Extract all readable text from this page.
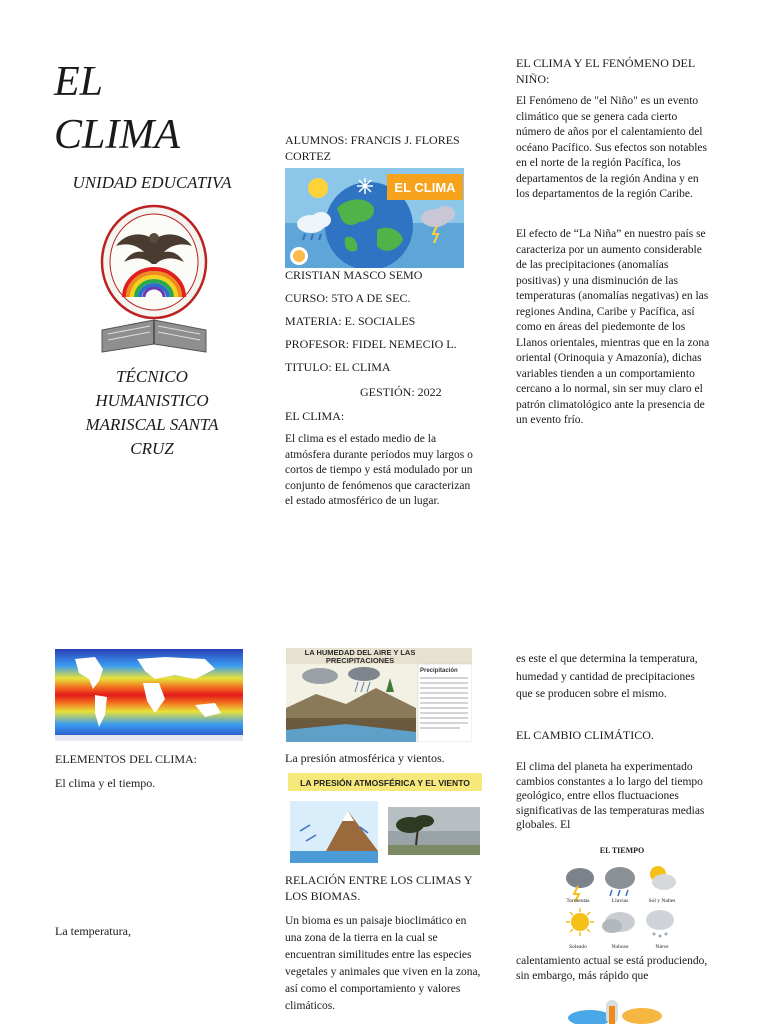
EL
CLIMA
UNIDAD EDUCATIVA
TÉCNICO
HUMANISTICO
MARISCAL SANTA
CRUZ
ALUMNOS: FRANCIS J. FLORES CORTEZ
EL CLIMA
CRISTIAN MASCO SEMO
CURSO: 5TO A DE SEC.
MATERIA: E. SOCIALES
PROFESOR: FIDEL NEMECIO L.
TITULO: EL CLIMA
GESTIÓN: 2022
EL CLIMA:

El clima es el estado medio de la atmósfera durante períodos muy largos o cortos de tiempo y está modulado por un conjunto de fenómenos que caracterizan el estado atmosférico de un lugar.

EL CLIMA Y EL FENÓMENO DEL NIÑO:

El Fenómeno de "el Niño" es un evento climático que se genera cada cierto número de años por el calentamiento del océano Pacífico. Sus efectos son notables en el norte de la región Pacífica, los departamentos de la región Andina y en los departamentos de la región Caribe.

El efecto de “La Niña” en nuestro país se caracteriza por un aumento considerable de las precipitaciones (anomalías positivas) y una disminución de las temperaturas (anomalías negativas) en las regiones Andina, Caribe y Pacífica, así como en áreas del piedemonte de los Llanos orientales, mientras que en la zona oriental (Orinoquia y Amazonía), dichas variables tienden a un comportamiento cercano a lo normal, sin ser muy claro el patrón climatológico ante la presencia de un evento frío.

ELEMENTOS DEL CLIMA:
El clima y el tiempo.
La temperatura,
LA HUMEDAD DEL AIRE Y LAS
PRECIPITACIONES
Precipitación
La presión atmosférica y vientos.
LA PRESIÓN ATMOSFÉRICA Y EL VIENTO
RELACIÓN ENTRE LOS CLIMAS Y LOS BIOMAS.

Un bioma es un paisaje bioclimático en una zona de la tierra en la cual se encuentran similitudes entre las especies vegetales y animales que viven en la zona, así como el comportamiento y valores climáticos.

es este el que determina la temperatura, humedad y cantidad de precipitaciones que se producen sobre el mismo.

EL CAMBIO CLIMÁTICO.

El clima del planeta ha experimentado cambios constantes a lo largo del tiempo geológico, entre ellos fluctuaciones significativas de las temperaturas medias globales. El

EL TIEMPO
Tormentas	Lluvias	Sol y Nubes
Soleado	Nuboso	Nieve

calentamiento actual se está produciendo, sin embargo, más rápido que
